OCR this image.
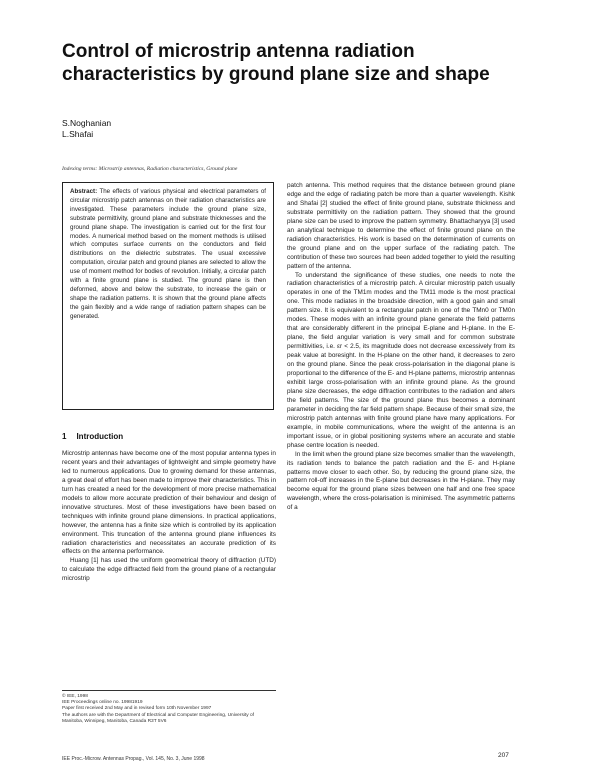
Control of microstrip antenna radiation characteristics by ground plane size and shape
S.Noghanian
L.Shafai
Indexing terms: Microstrip antennas, Radiation characteristics, Ground plane
Abstract: The effects of various physical and electrical parameters of circular microstrip patch antennas on their radiation characteristics are investigated. These parameters include the ground plane size, substrate permittivity, ground plane and substrate thicknesses and the ground plane shape. The investigation is carried out for the first four modes. A numerical method based on the moment methods is utilised which computes surface currents on the conductors and field distributions on the dielectric substrates. The usual excessive computation, circular patch and ground planes are selected to allow the use of moment method for bodies of revolution. Initially, a circular patch with a finite ground plane is studied. The ground plane is then deformed, above and below the substrate, to increase the gain or shape the radiation patterns. It is shown that the ground plane affects the gain flexibly and a wide range of radiation pattern shapes can be generated.
1 Introduction

Microstrip antennas have become one of the most popular antenna types in recent years and their advantages of lightweight and simple geometry have led to numerous applications. Due to growing demand for these antennas, a great deal of effort has been made to improve their characteristics. This in turn has created a need for the development of more precise mathematical models to allow more accurate prediction of their behaviour and design of innovative structures. Most of these investigations have been based on techniques with infinite ground plane dimensions. In practical applications, however, the antenna has a finite size which is controlled by its application environment. This truncation of the antenna ground plane influences its radiation characteristics and necessitates an accurate prediction of its effects on the antenna performance.

Huang [1] has used the uniform geometrical theory of diffraction (UTD) to calculate the edge diffracted field from the ground plane of a rectangular microstrip

© IEE, 1998
IEE Proceedings online no. 19981919
Paper first received 2nd May and in revised form 10th November 1997
The authors are with the Department of Electrical and Computer Engineering, University of Manitoba, Winnipeg, Manitoba, Canada R3T 5V6

patch antenna. This method requires that the distance between ground plane edge and the edge of radiating patch be more than a quarter wavelength. Kishk and Shafai [2] studied the effect of finite ground plane, substrate thickness and substrate permittivity on the radiation pattern. They showed that the ground plane size can be used to improve the pattern symmetry. Bhattacharyya [3] used an analytical technique to determine the effect of finite ground plane on the radiation characteristics. His work is based on the determination of currents on the ground plane and on the upper surface of the radiating patch. The contribution of these two sources had been added together to yield the resulting pattern of the antenna.

To understand the significance of these studies, one needs to note the radiation characteristics of a microstrip patch. A circular microstrip patch usually operates in one of the TM1m modes and the TM11 mode is the most practical one. This mode radiates in the broadside direction, with a good gain and small pattern size. It is equivalent to a rectangular patch in one of the TMn0 or TM0n modes. These modes with an infinite ground plane generate the field patterns that are considerably different in the principal E-plane and H-plane. In the E-plane, the field angular variation is very small and for common substrate permittivities, i.e. εr < 2.5, its magnitude does not decrease excessively from its peak value at boresight. In the H-plane on the other hand, it decreases to zero on the ground plane. Since the peak cross-polarisation in the diagonal plane is proportional to the difference of the E- and H-plane patterns, microstrip antennas exhibit large cross-polarisation with an infinite ground plane. As the ground plane size decreases, the edge diffraction contributes to the radiation and alters the field patterns. The size of the ground plane thus becomes a dominant parameter in deciding the far field pattern shape. Because of their small size, the microstrip patch antennas with finite ground plane have many applications. For example, in mobile communications, where the weight of the antenna is an important issue, or in global positioning systems where an accurate and stable phase centre location is needed.

In the limit when the ground plane size becomes smaller than the wavelength, its radiation tends to balance the patch radiation and the E- and H-plane patterns move closer to each other. So, by reducing the ground plane size, the pattern roll-off increases in the E-plane but decreases in the H-plane. They may become equal for the ground plane sizes between one half and one free space wavelength, where the cross-polarisation is minimised. The asymmetric patterns of a

IEE Proc.-Microw. Antennas Propag., Vol. 145, No. 3, June 1998	207
